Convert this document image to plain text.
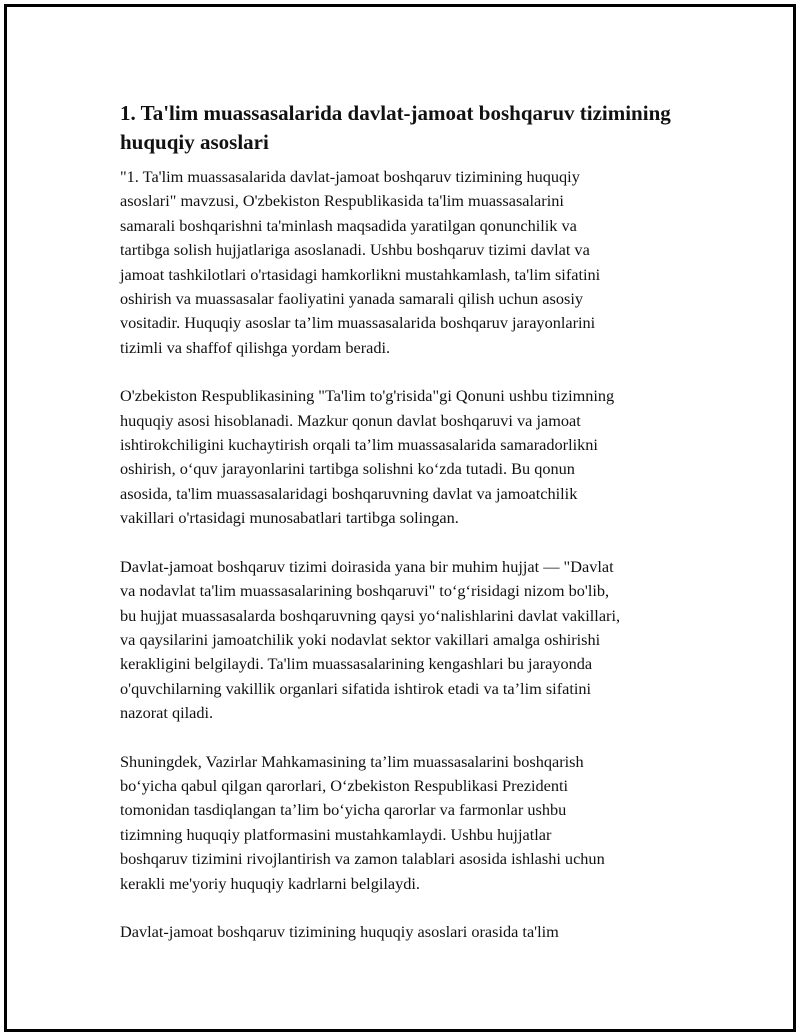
1. Ta'lim muassasalarida davlat-jamoat boshqaruv tizimining
huquqiy asoslari

"1. Ta'lim muassasalarida davlat-jamoat boshqaruv tizimining huquqiy
asoslari" mavzusi, O'zbekiston Respublikasida ta'lim muassasalarini
samarali boshqarishni ta'minlash maqsadida yaratilgan qonunchilik va
tartibga solish hujjatlariga asoslanadi. Ushbu boshqaruv tizimi davlat va
jamoat tashkilotlari o'rtasidagi hamkorlikni mustahkamlash, ta'lim sifatini
oshirish va muassasalar faoliyatini yanada samarali qilish uchun asosiy
vositadir. Huquqiy asoslar ta’lim muassasalarida boshqaruv jarayonlarini
tizimli va shaffof qilishga yordam beradi.

O'zbekiston Respublikasining "Ta'lim to'g'risida"gi Qonuni ushbu tizimning
huquqiy asosi hisoblanadi. Mazkur qonun davlat boshqaruvi va jamoat
ishtirokchiligini kuchaytirish orqali ta’lim muassasalarida samaradorlikni
oshirish, o‘quv jarayonlarini tartibga solishni ko‘zda tutadi. Bu qonun
asosida, ta'lim muassasalaridagi boshqaruvning davlat va jamoatchilik
vakillari o'rtasidagi munosabatlari tartibga solingan.

Davlat-jamoat boshqaruv tizimi doirasida yana bir muhim hujjat — "Davlat
va nodavlat ta'lim muassasalarining boshqaruvi" to‘g‘risidagi nizom bo'lib,
bu hujjat muassasalarda boshqaruvning qaysi yo‘nalishlarini davlat vakillari,
va qaysilarini jamoatchilik yoki nodavlat sektor vakillari amalga oshirishi
kerakligini belgilaydi. Ta'lim muassasalarining kengashlari bu jarayonda
o'quvchilarning vakillik organlari sifatida ishtirok etadi va ta’lim sifatini
nazorat qiladi.

Shuningdek, Vazirlar Mahkamasining ta’lim muassasalarini boshqarish
bo‘yicha qabul qilgan qarorlari, O‘zbekiston Respublikasi Prezidenti
tomonidan tasdiqlangan ta’lim bo‘yicha qarorlar va farmonlar ushbu
tizimning huquqiy platformasini mustahkamlaydi. Ushbu hujjatlar
boshqaruv tizimini rivojlantirish va zamon talablari asosida ishlashi uchun
kerakli me'yoriy huquqiy kadrlarni belgilaydi.

Davlat-jamoat boshqaruv tizimining huquqiy asoslari orasida ta'lim
